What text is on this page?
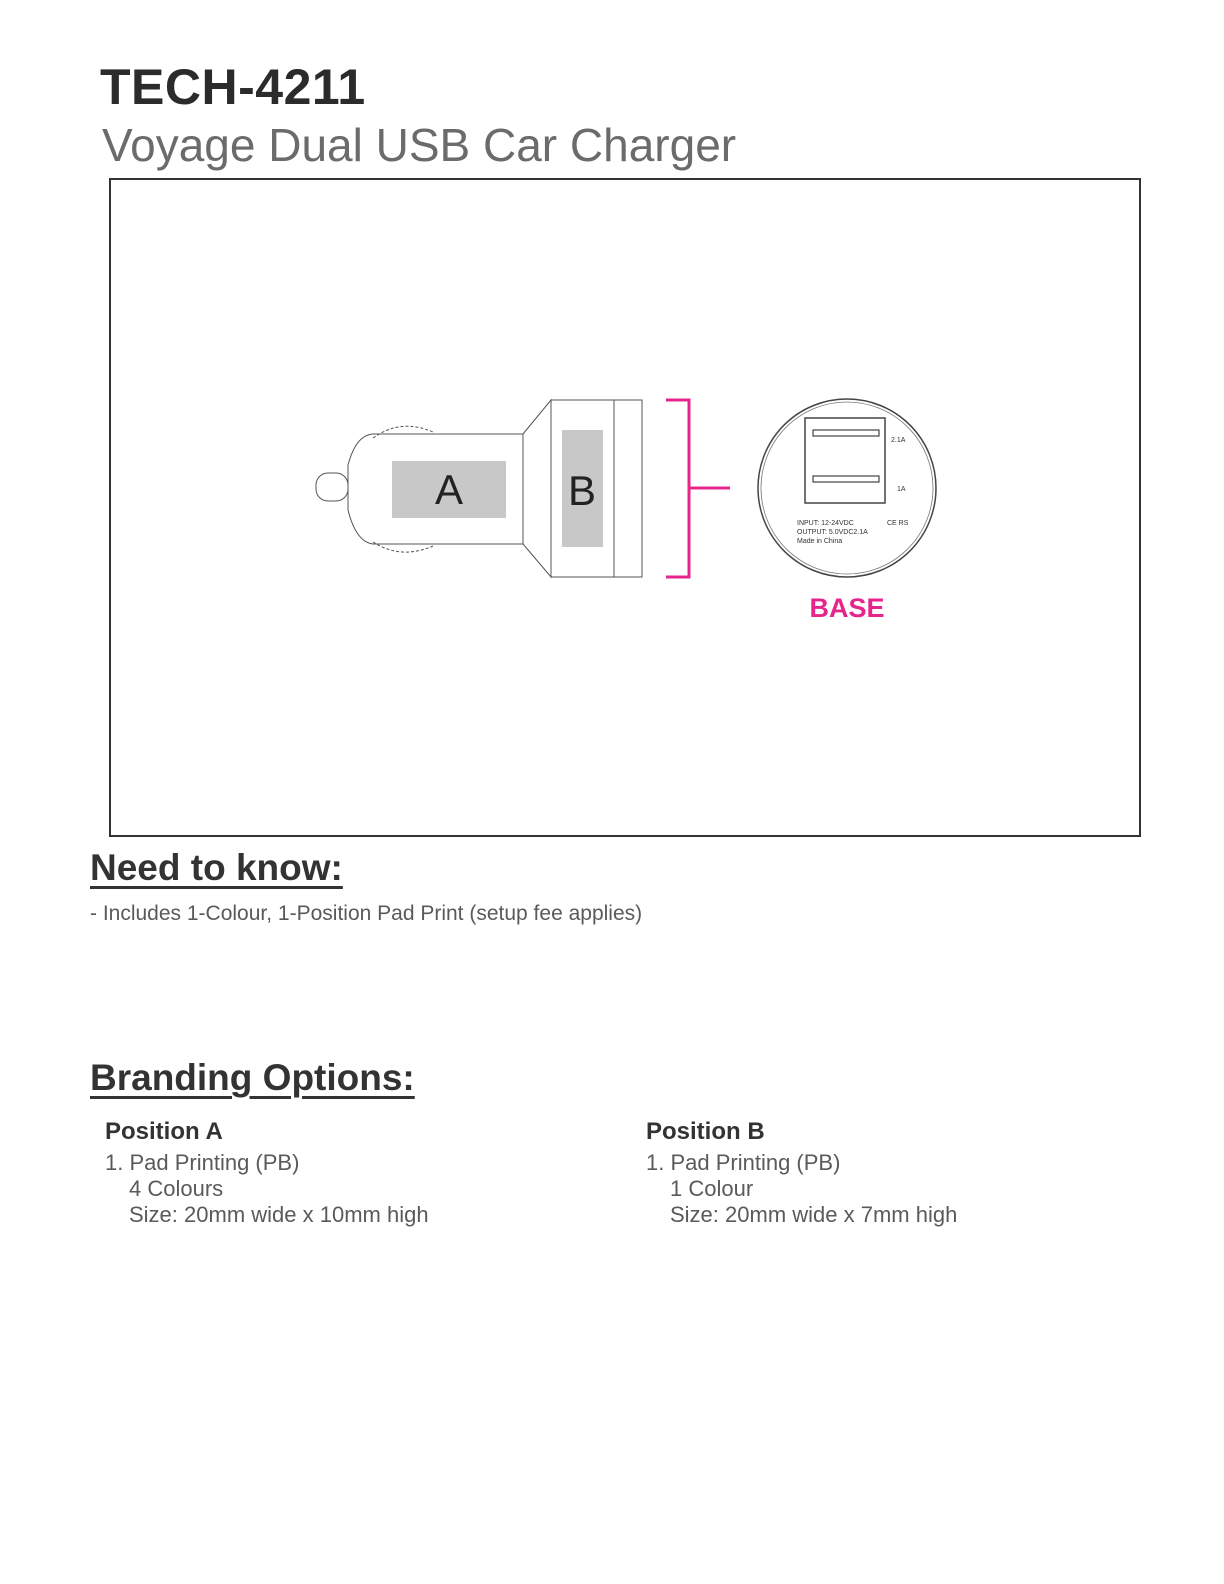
TECH-4211
Voyage Dual USB Car Charger
A B
2.1A
1A
INPUT: 12-24VDC
OUTPUT: 5.0VDC2.1A
Made in China
CE RS
BASE
Need to know:
- Includes 1-Colour, 1-Position Pad Print (setup fee applies)
Branding Options:
Position A
1. Pad Printing (PB)
4 Colours
Size: 20mm wide x 10mm high
Position B
1. Pad Printing (PB)
1 Colour
Size: 20mm wide x 7mm high
